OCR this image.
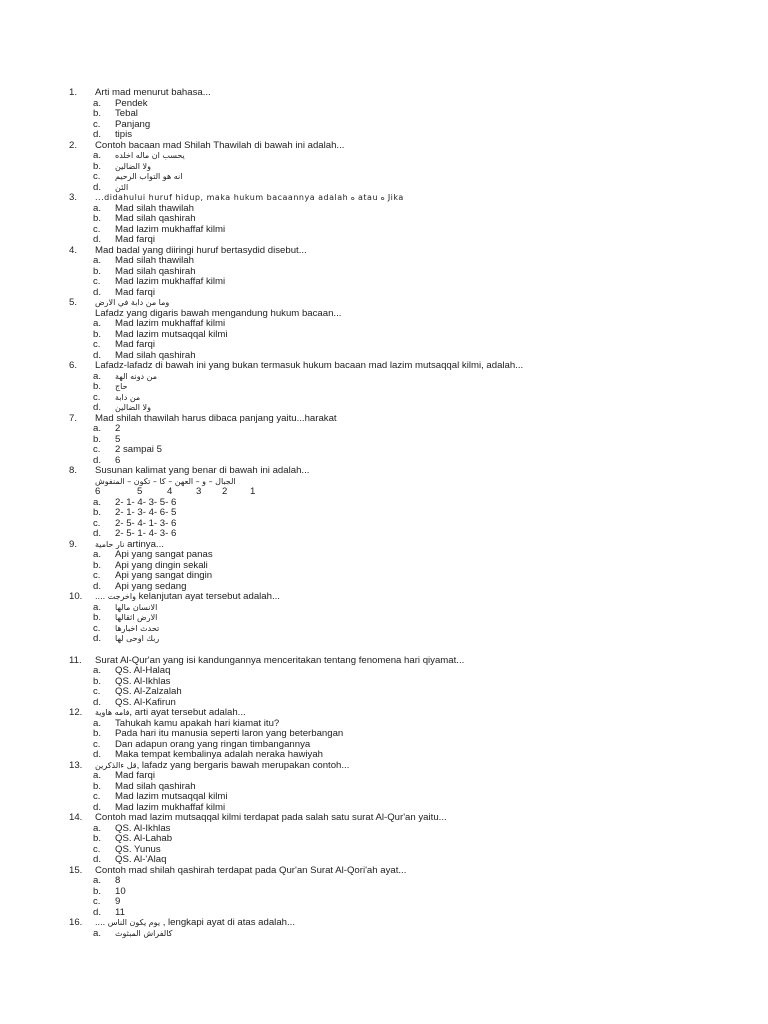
1. Arti mad menurut bahasa...
a. Pendek
b. Tebal
c. Panjang
d. tipis
2. Contoh bacaan mad Shilah Thawilah di bawah ini adalah...
a. يحسب ان ماله اخلده
b. ولا الضالين
c. انه هو التواب الرحيم
d. الئن
3. Jika ه atau ه didahului huruf hidup, maka hukum bacaannya adalah...
a. Mad silah thawilah
b. Mad silah qashirah
c. Mad lazim mukhaffaf kilmi
d. Mad farqi
4. Mad badal yang diiringi huruf bertasydid disebut...
a. Mad silah thawilah
b. Mad silah qashirah
c. Mad lazim mukhaffaf kilmi
d. Mad farqi
5. وما من دابة في الارض
Lafadz yang digaris bawah mengandung hukum bacaan...
a. Mad lazim mukhaffaf kilmi
b. Mad lazim mutsaqqal kilmi
c. Mad farqi
d. Mad silah qashirah
6. Lafadz-lafadz di bawah ini yang bukan termasuk hukum bacaan mad lazim mutsaqqal kilmi, adalah...
a. من دونه الهة
b. حاج
c. من دابة
d. ولا الضالين
7. Mad shilah thawilah harus dibaca panjang yaitu...harakat
a. 2
b. 5
c. 2 sampai 5
d. 6
8. Susunan kalimat yang benar di bawah ini adalah...
الجبال – و – العهن – كا – تكون – المنفوش
6	5	4 3 2 1
a. 2- 1- 4- 3- 5- 6
b. 2- 1- 3- 4- 6- 5
c. 2- 5- 4- 1- 3- 6
d. 2- 5- 1- 4- 3- 6
9. نار حامية artinya...
a. Api yang sangat panas
b. Api yang dingin sekali
c. Api yang sangat dingin
d. Api yang sedang
10. واخرجت .... kelanjutan ayat tersebut adalah...
a. الانسان مالها
b. الارض اثقالها
c. تحدث اخبارها
d. ربك اوحى لها
11. Surat Al-Qur'an yang isi kandungannya menceritakan tentang fenomena hari qiyamat...
a. QS. Al-Halaq
b. QS. Al-Ikhlas
c. QS. Al-Zalzalah
d. QS. Al-Kafirun
12. فامه هاوية, arti ayat tersebut adalah...
a. Tahukah kamu apakah hari kiamat itu?
b. Pada hari itu manusia seperti laron yang beterbangan
c. Dan adapun orang yang ringan timbangannya
d. Maka tempat kembalinya adalah neraka hawiyah
13. قل ءالذكرين, lafadz yang bergaris bawah merupakan contoh...
a. Mad farqi
b. Mad silah qashirah
c. Mad lazim mutsaqqal kilmi
d. Mad lazim mukhaffaf kilmi
14. Contoh mad lazim mutsaqqal kilmi terdapat pada salah satu surat Al-Qur'an yaitu...
a. QS. Al-Ikhlas
b. QS. Al-Lahab
c. QS. Yunus
d. QS. Al-'Alaq
15. Contoh mad shilah qashirah terdapat pada Qur'an Surat Al-Qori'ah ayat...
a. 8
b. 10
c. 9
d. 11
16. يوم يكون الناس .... , lengkapi ayat di atas adalah...
a. كالفراش المبثوث
